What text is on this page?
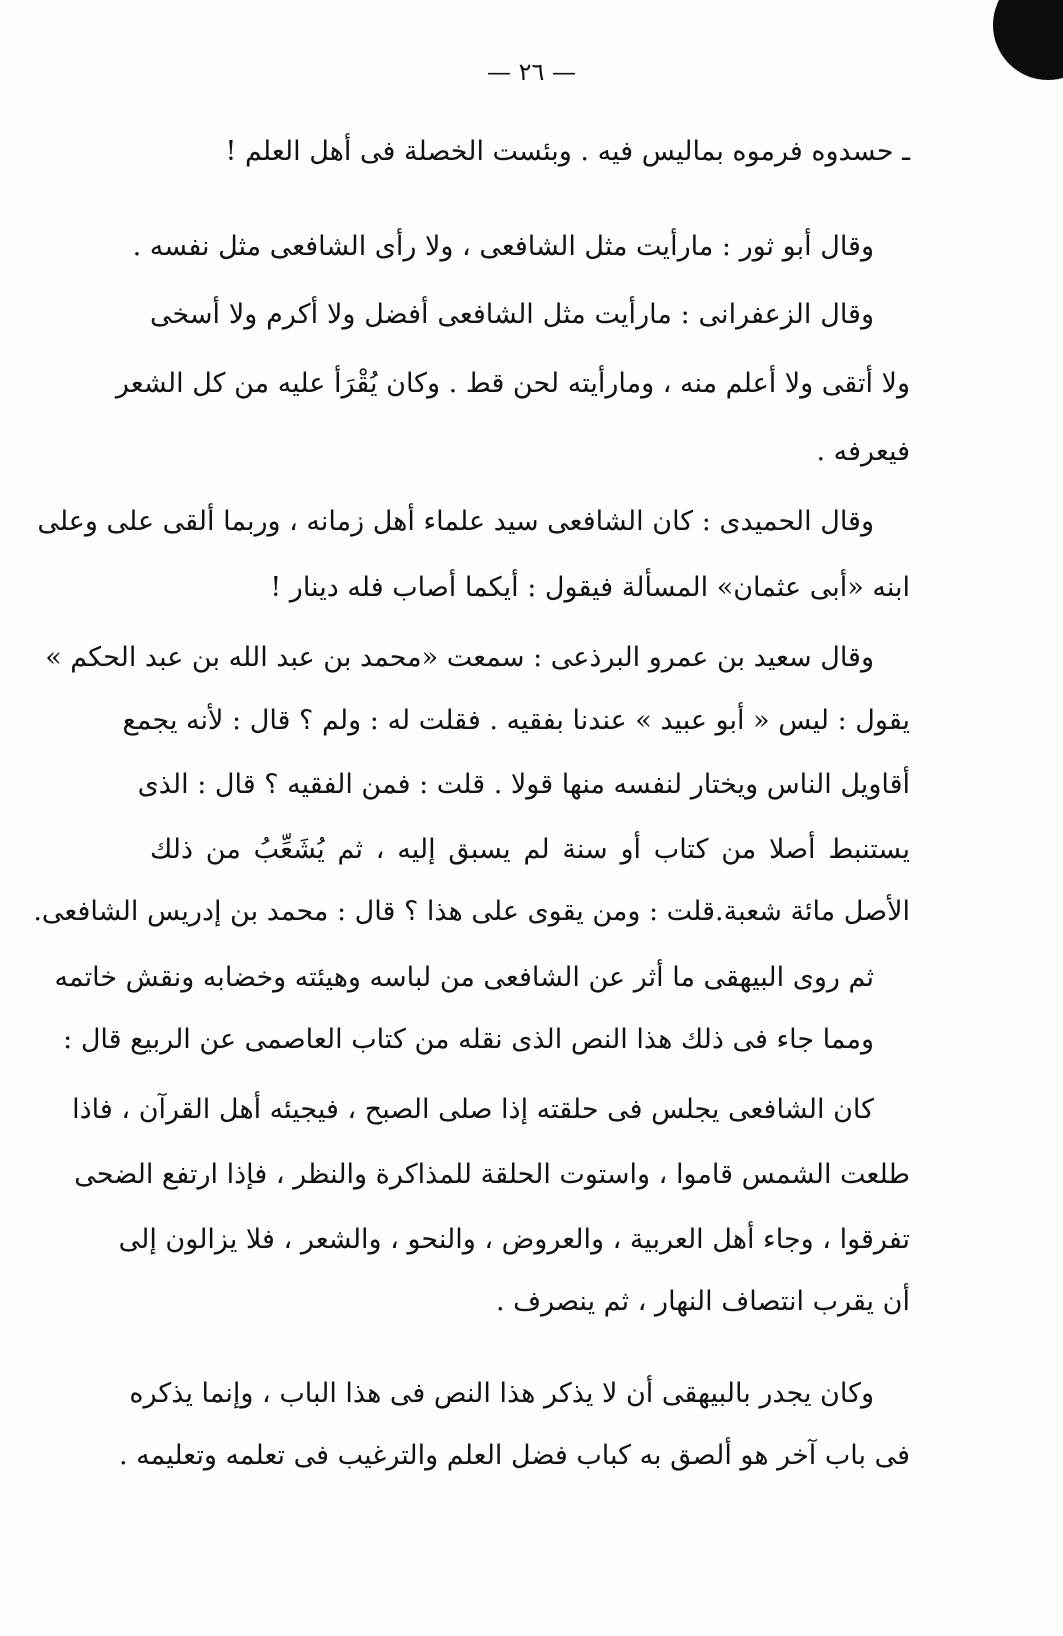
— ٢٦ —
ـ حسدوه فرموه بماليس فيه . وبئست الخصلة فى أهل العلم !
وقال أبو ثور : مارأيت مثل الشافعى ، ولا رأى الشافعى مثل نفسه .
وقال الزعفرانى : مارأيت مثل الشافعى أفضل ولا أكرم ولا أسخى
ولا أتقى ولا أعلم منه ، ومارأيته لحن قط . وكان يُقْرَأ عليه من كل الشعر
فيعرفه .
وقال الحميدى : كان الشافعى سيد علماء أهل زمانه ، وربما ألقى على وعلى
ابنه «أبى عثمان» المسألة فيقول : أيكما أصاب فله دينار !
وقال سعيد بن عمرو البرذعى : سمعت «محمد بن عبد الله بن عبد الحكم »
يقول : ليس « أبو عبيد » عندنا بفقيه . فقلت له : ولم ؟ قال : لأنه يجمع
أقاويل الناس ويختار لنفسه منها قولا . قلت : فمن الفقيه ؟ قال : الذى
يستنبط أصلا من كتاب أو سنة لم يسبق إليه ، ثم يُشَعِّبُ من ذلك
الأصل مائة شعبة.قلت : ومن يقوى على هذا ؟ قال : محمد بن إدريس الشافعى.
ثم روى البيهقى ما أثر عن الشافعى من لباسه وهيئته وخضابه ونقش خاتمه
ومما جاء فى ذلك هذا النص الذى نقله من كتاب العاصمى عن الربيع قال :
كان الشافعى يجلس فى حلقته إذا صلى الصبح ، فيجيئه أهل القرآن ، فاذا
طلعت الشمس قاموا ، واستوت الحلقة للمذاكرة والنظر ، فإذا ارتفع الضحى
تفرقوا ، وجاء أهل العربية ، والعروض ، والنحو ، والشعر ، فلا يزالون إلى
أن يقرب انتصاف النهار ، ثم ينصرف .
وكان يجدر بالبيهقى أن لا يذكر هذا النص فى هذا الباب ، وإنما يذكره
فى باب آخر هو ألصق به كباب فضل العلم والترغيب فى تعلمه وتعليمه .
